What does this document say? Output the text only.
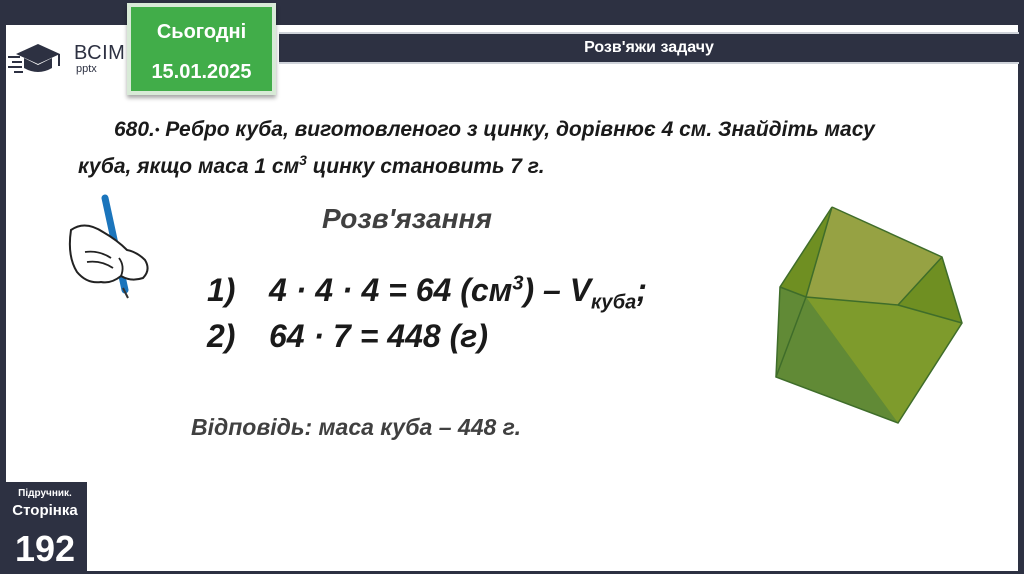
ВСІМ
pptx
Розв'яжи задачу
Сьогодні
15.01.2025
680.• Ребро куба, виготовленого з цинку, дорівнює 4 см. Знайдіть масу
куба, якщо маса 1 $см^3$ цинку становить 7 г.
Розв'язання
1) 4 · 4 · 4 = 64 $(см^3) - V_{куба}$;
2) 64 · 7 = 448 (г)
Відповідь: маса куба – 448 г.
Підручник.
Сторінка
192
